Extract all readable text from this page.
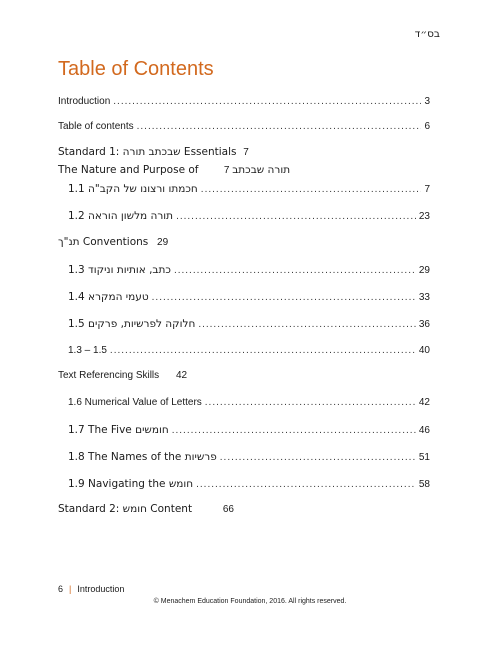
בס״ד
Table of Contents
Introduction .....	3
Table of contents .....	6
Standard 1: שבכתב תורה Essentials 7
The Nature and Purpose of תורה שבכתב 7
1.1 חכמתו ורצונו של הקב"ה .....	7
1.2 תורה מלשון הוראה .....	23
תנ"ך Conventions 29
1.3 כתב, אותיות וניקוד .....	29
1.4 טעמי המקרא .....	33
1.5 חלוקה לפרשיות, פרקים .....	36
1.3 – 1.5 .....	40
Text Referencing Skills 42
1.6 Numerical Value of Letters .....	42
1.7 The Five חומשים .....	46
1.8 The Names of the פרשיות .....	51
1.9 Navigating the חומש .....	58
Standard 2: חומש Content	66
6 | Introduction
© Menachem Education Foundation, 2016. All rights reserved.
